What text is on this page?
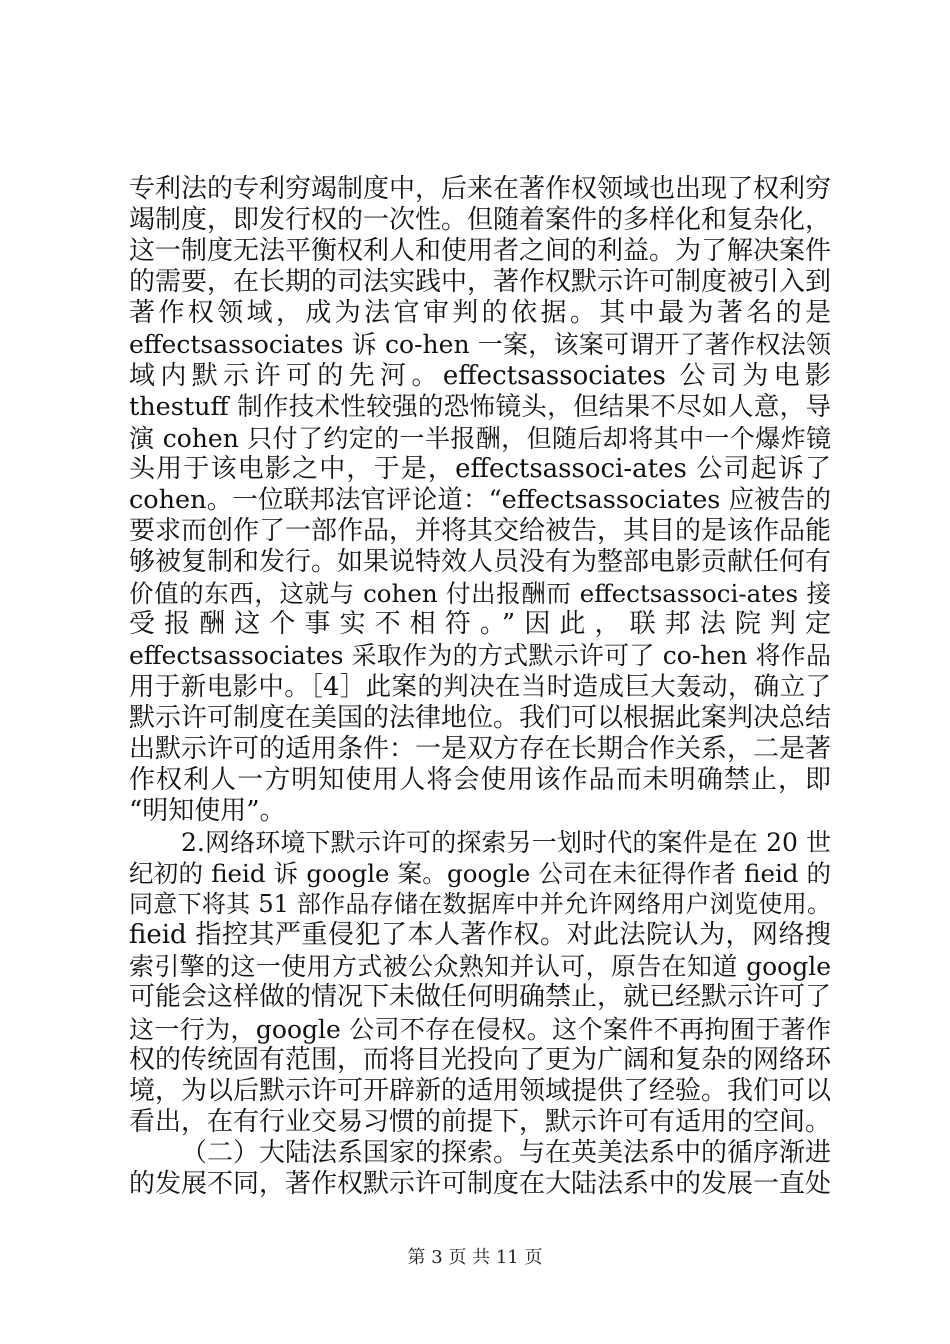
专利法的专利穷竭制度中，后来在著作权领域也出现了权利穷
竭制度，即发行权的一次性。但随着案件的多样化和复杂化，
这一制度无法平衡权利人和使用者之间的利益。为了解决案件
的需要，在长期的司法实践中，著作权默示许可制度被引入到
著作权领域，成为法官审判的依据。其中最为著名的是
effectsassociates 诉 co-hen 一案，该案可谓开了著作权法领
域内默示许可的先河。effectsassociates 公司为电影
thestuff 制作技术性较强的恐怖镜头，但结果不尽如人意，导
演 cohen 只付了约定的一半报酬，但随后却将其中一个爆炸镜
头用于该电影之中，于是，effectsassoci-ates 公司起诉了
cohen。一位联邦法官评论道：“effectsassociates 应被告的
要求而创作了一部作品，并将其交给被告，其目的是该作品能
够被复制和发行。如果说特效人员没有为整部电影贡献任何有
价值的东西，这就与 cohen 付出报酬而 effectsassoci-ates 接
受报酬这个事实不相符。”因此，联邦法院判定
effectsassociates 采取作为的方式默示许可了 co-hen 将作品
用于新电影中。［4］此案的判决在当时造成巨大轰动，确立了
默示许可制度在美国的法律地位。我们可以根据此案判决总结
出默示许可的适用条件：一是双方存在长期合作关系，二是著
作权利人一方明知使用人将会使用该作品而未明确禁止，即
“明知使用”。
2.网络环境下默示许可的探索另一划时代的案件是在 20 世
纪初的 fieid 诉 google 案。google 公司在未征得作者 fieid 的
同意下将其 51 部作品存储在数据库中并允许网络用户浏览使用。
fieid 指控其严重侵犯了本人著作权。对此法院认为，网络搜
索引擎的这一使用方式被公众熟知并认可，原告在知道 google
可能会这样做的情况下未做任何明确禁止，就已经默示许可了
这一行为，google 公司不存在侵权。这个案件不再拘囿于著作
权的传统固有范围，而将目光投向了更为广阔和复杂的网络环
境，为以后默示许可开辟新的适用领域提供了经验。我们可以
看出，在有行业交易习惯的前提下，默示许可有适用的空间。
（二）大陆法系国家的探索。与在英美法系中的循序渐进
的发展不同，著作权默示许可制度在大陆法系中的发展一直处
第 3 页 共 11 页
